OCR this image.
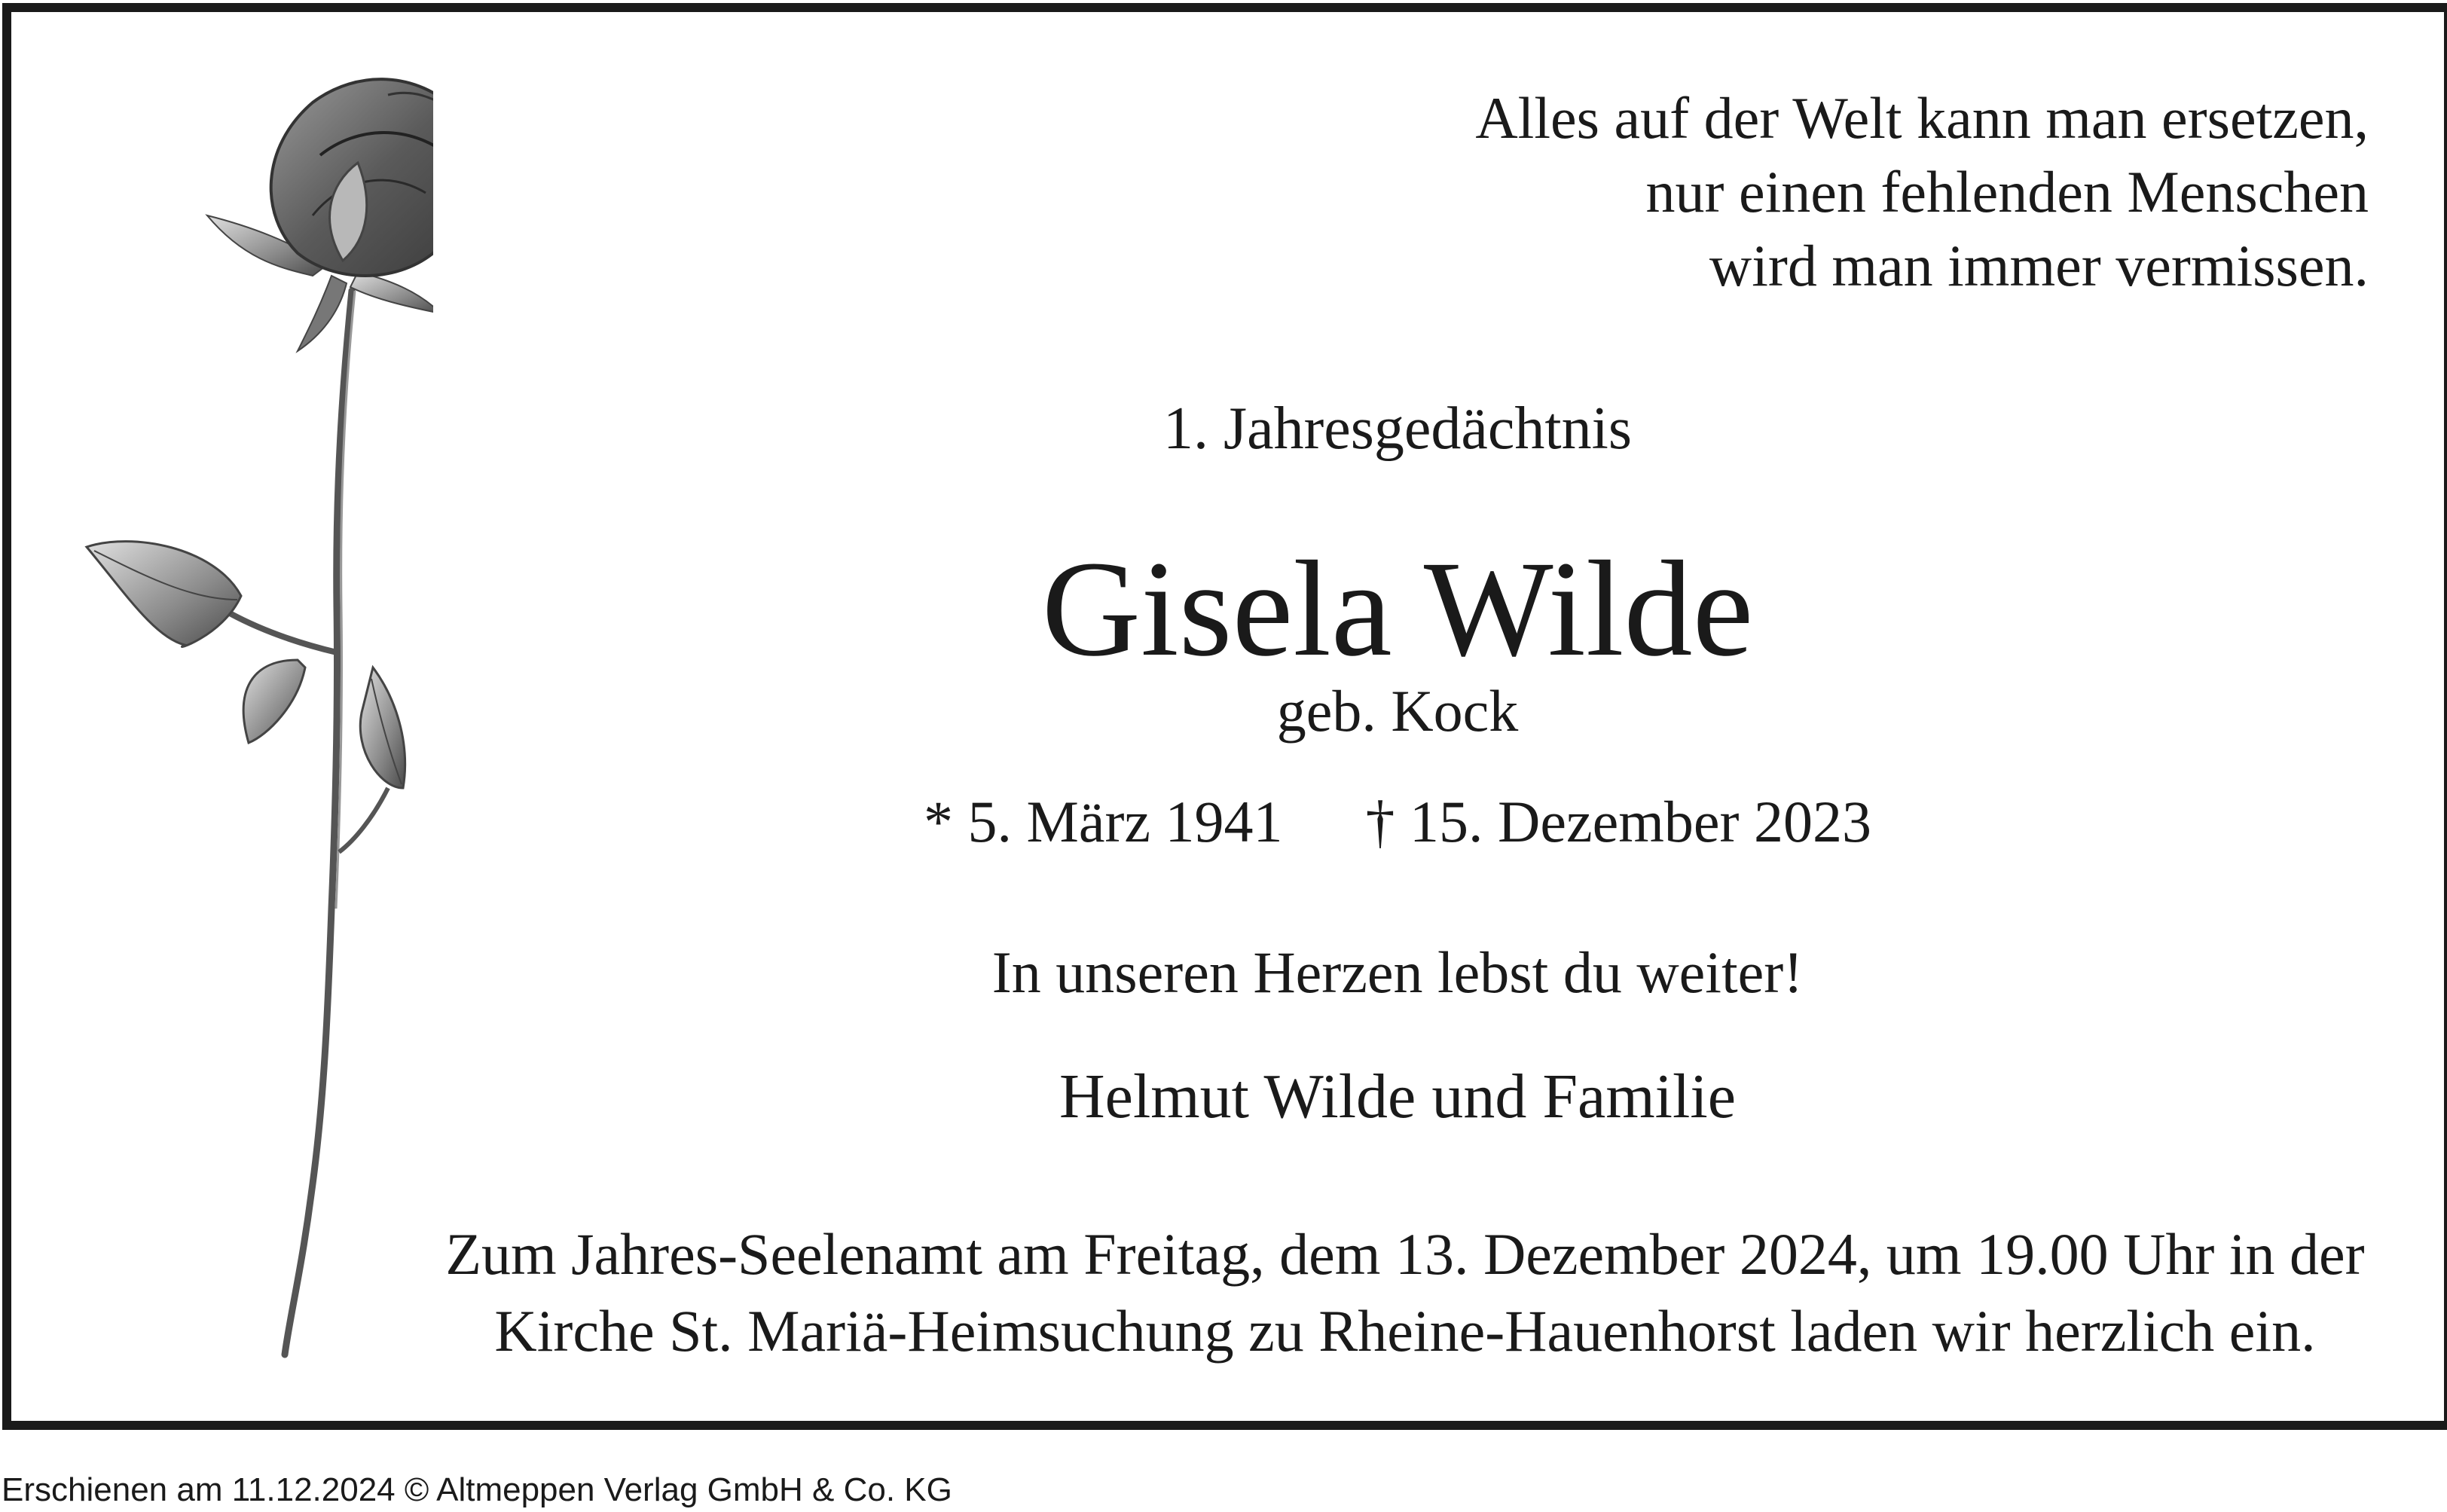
Alles auf der Welt kann man ersetzen,
nur einen fehlenden Menschen
wird man immer vermissen.
1. Jahresgedächtnis
Gisela Wilde
geb. Kock
* 5. März 1941 † 15. Dezember 2023
In unseren Herzen lebst du weiter!
Helmut Wilde und Familie
Zum Jahres-Seelenamt am Freitag, dem 13. Dezember 2024, um 19.00 Uhr in der
Kirche St. Mariä-Heimsuchung zu Rheine-Hauenhorst laden wir herzlich ein.
Erschienen am 11.12.2024 © Altmeppen Verlag GmbH & Co. KG
